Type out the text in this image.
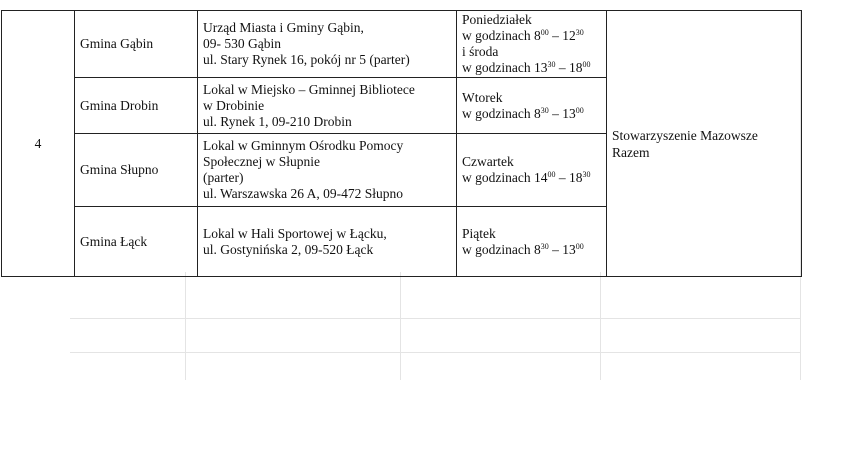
4	Gmina Gąbin	Urząd Miasta i Gminy Gąbin,
09- 530 Gąbin
ul. Stary Rynek 16, pokój nr 5 (parter)	Poniedziałek
w godzinach $8^{00} - 12^{30}$
i środa
w godzinach $13^{30} - 18^{00}$	Stowarzyszenie Mazowsze
Razem

	Gmina Drobin	Lokal w Miejsko – Gminnej Bibliotece
w Drobinie
ul. Rynek 1, 09-210 Drobin	Wtorek
w godzinach $8^{30} - 13^{00}$

	Gmina Słupno	Lokal w Gminnym Ośrodku Pomocy
Społecznej w Słupnie
(parter)
ul. Warszawska 26 A, 09-472 Słupno	Czwartek
w godzinach $14^{00} - 18^{30}$

	Gmina Łąck	Lokal w Hali Sportowej w Łącku,
ul. Gostynińska 2, 09-520 Łąck	Piątek
w godzinach $8^{30} - 13^{00}$
